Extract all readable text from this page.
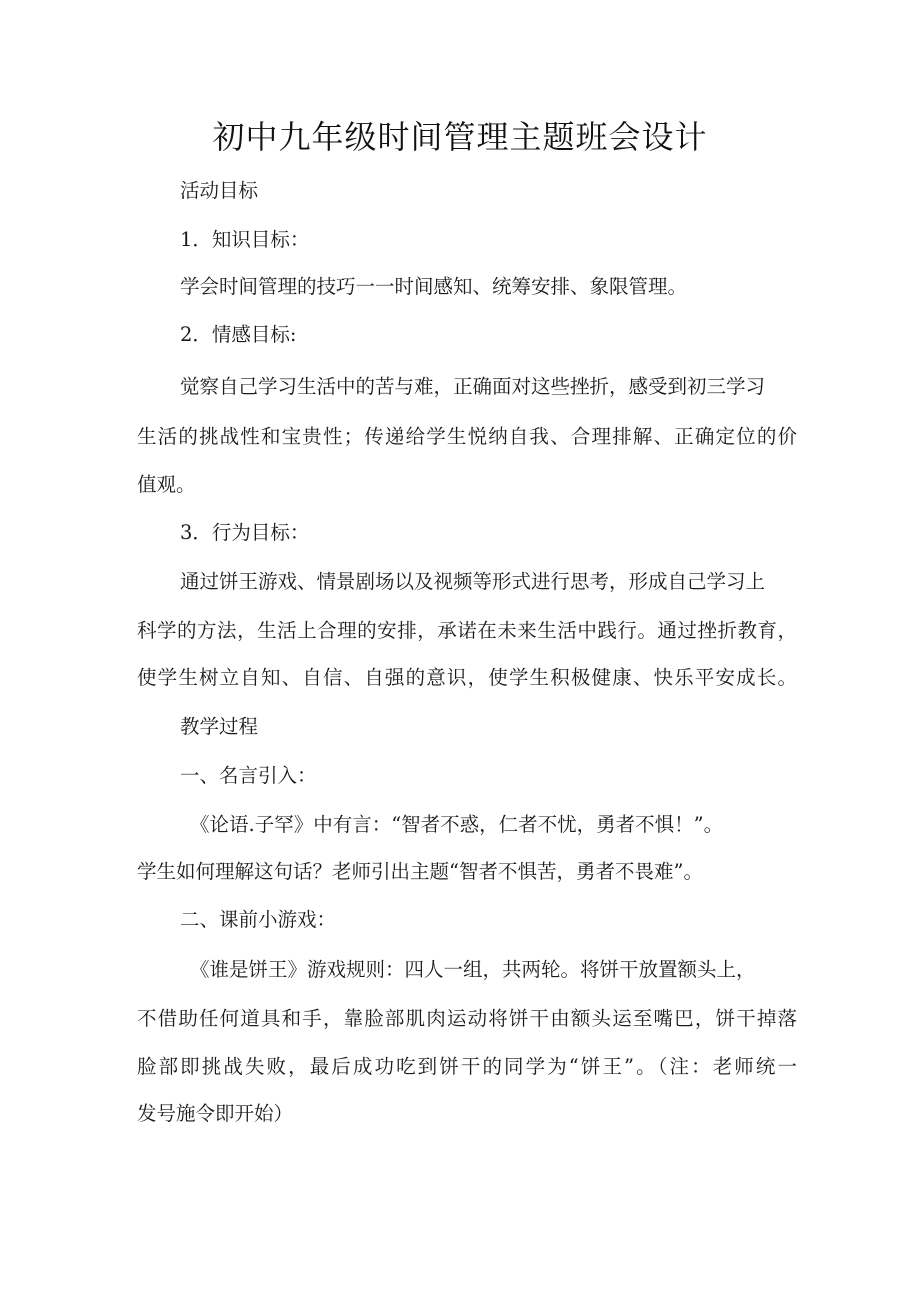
初中九年级时间管理主题班会设计
活动目标
1．知识目标：
学会时间管理的技巧一一时间感知、统筹安排、象限管理。
2．情感目标:
觉察自己学习生活中的苦与难，正确面对这些挫折，感受到初三学习
生活的挑战性和宝贵性；传递给学生悦纳自我、合理排解、正确定位的价
值观。
3．行为目标：
通过饼王游戏、情景剧场以及视频等形式进行思考，形成自己学习上
科学的方法，生活上合理的安排，承诺在未来生活中践行。通过挫折教育，
使学生树立自知、自信、自强的意识，使学生积极健康、快乐平安成长。
教学过程
一、名言引入：
《论语.子罕》中有言：“智者不惑，仁者不忧，勇者不惧！”。
学生如何理解这句话？老师引出主题“智者不惧苦，勇者不畏难”。
二、课前小游戏：
《谁是饼王》游戏规则：四人一组，共两轮。将饼干放置额头上，
不借助任何道具和手，靠脸部肌肉运动将饼干由额头运至嘴巴，饼干掉落
脸部即挑战失败，最后成功吃到饼干的同学为“饼王”。（注：老师统一
发号施令即开始）
